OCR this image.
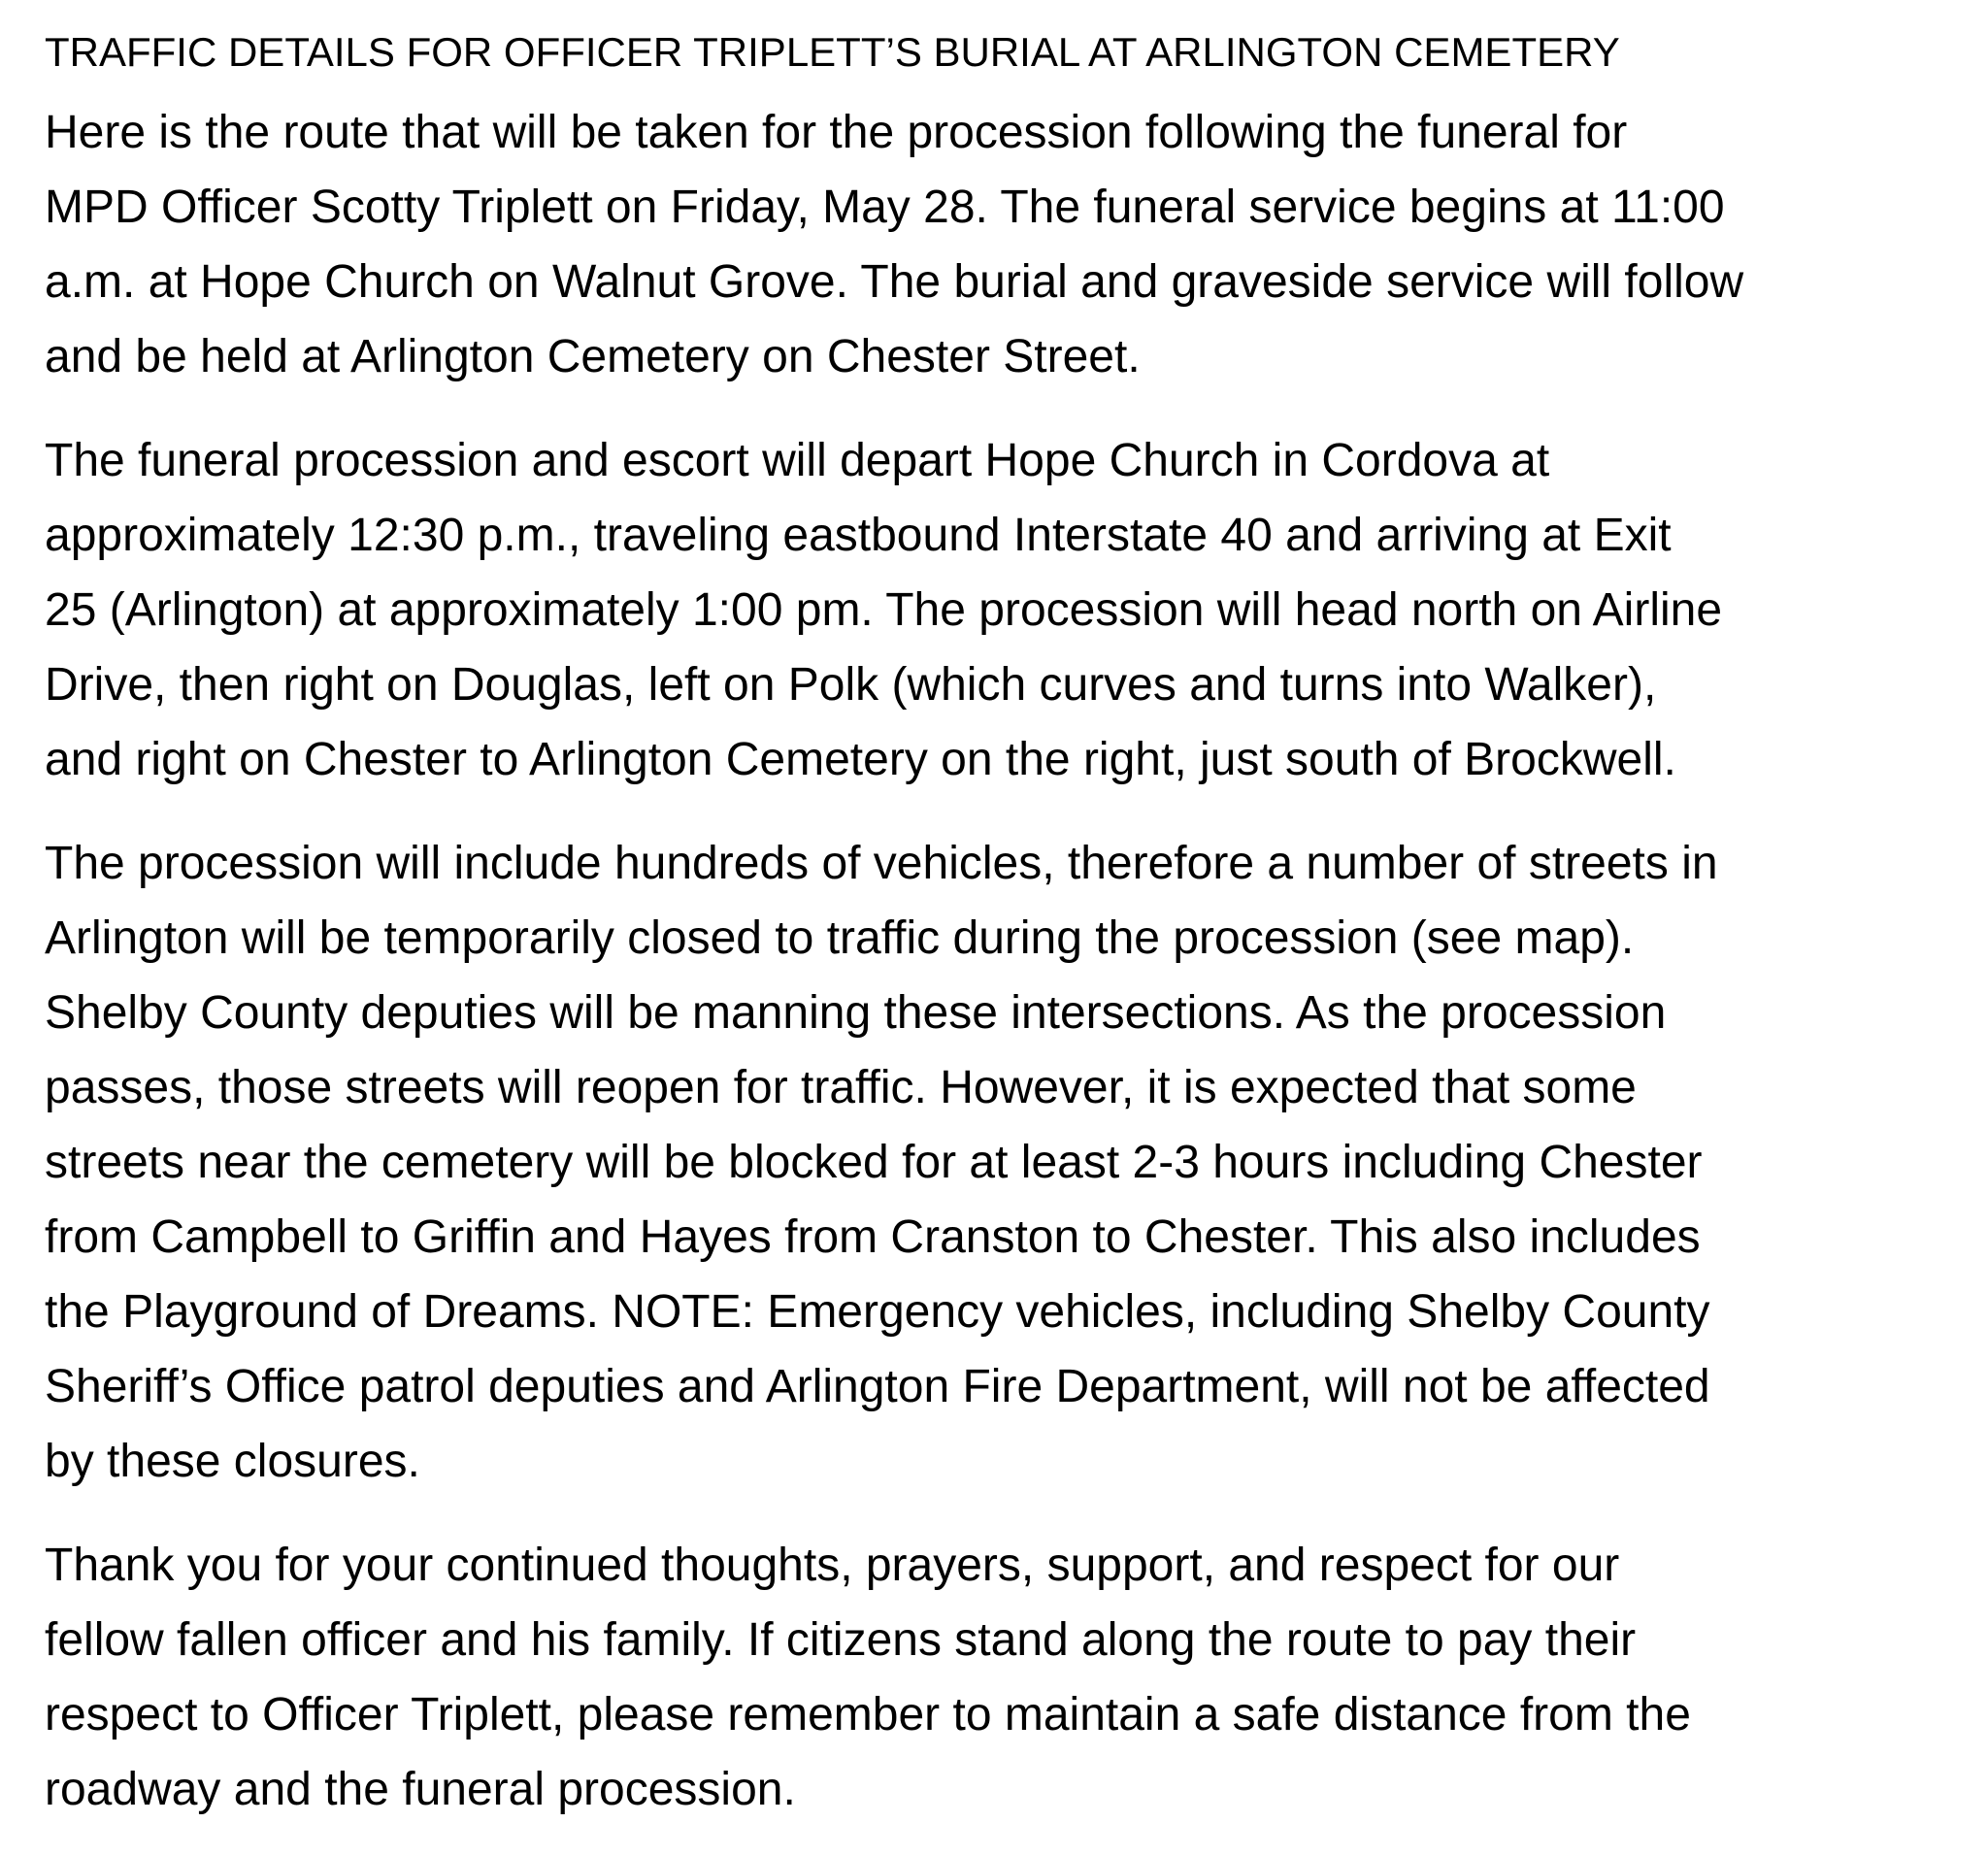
TRAFFIC DETAILS FOR OFFICER TRIPLETT’S BURIAL AT ARLINGTON CEMETERY

Here is the route that will be taken for the procession following the funeral for
MPD Officer Scotty Triplett on Friday, May 28. The funeral service begins at 11:00
a.m. at Hope Church on Walnut Grove. The burial and graveside service will follow
and be held at Arlington Cemetery on Chester Street.

The funeral procession and escort will depart Hope Church in Cordova at
approximately 12:30 p.m., traveling eastbound Interstate 40 and arriving at Exit
25 (Arlington) at approximately 1:00 pm. The procession will head north on Airline
Drive, then right on Douglas, left on Polk (which curves and turns into Walker),
and right on Chester to Arlington Cemetery on the right, just south of Brockwell.

The procession will include hundreds of vehicles, therefore a number of streets in
Arlington will be temporarily closed to traffic during the procession (see map).
Shelby County deputies will be manning these intersections. As the procession
passes, those streets will reopen for traffic. However, it is expected that some
streets near the cemetery will be blocked for at least 2-3 hours including Chester
from Campbell to Griffin and Hayes from Cranston to Chester. This also includes
the Playground of Dreams. NOTE: Emergency vehicles, including Shelby County
Sheriff’s Office patrol deputies and Arlington Fire Department, will not be affected
by these closures.

Thank you for your continued thoughts, prayers, support, and respect for our
fellow fallen officer and his family. If citizens stand along the route to pay their
respect to Officer Triplett, please remember to maintain a safe distance from the
roadway and the funeral procession.
